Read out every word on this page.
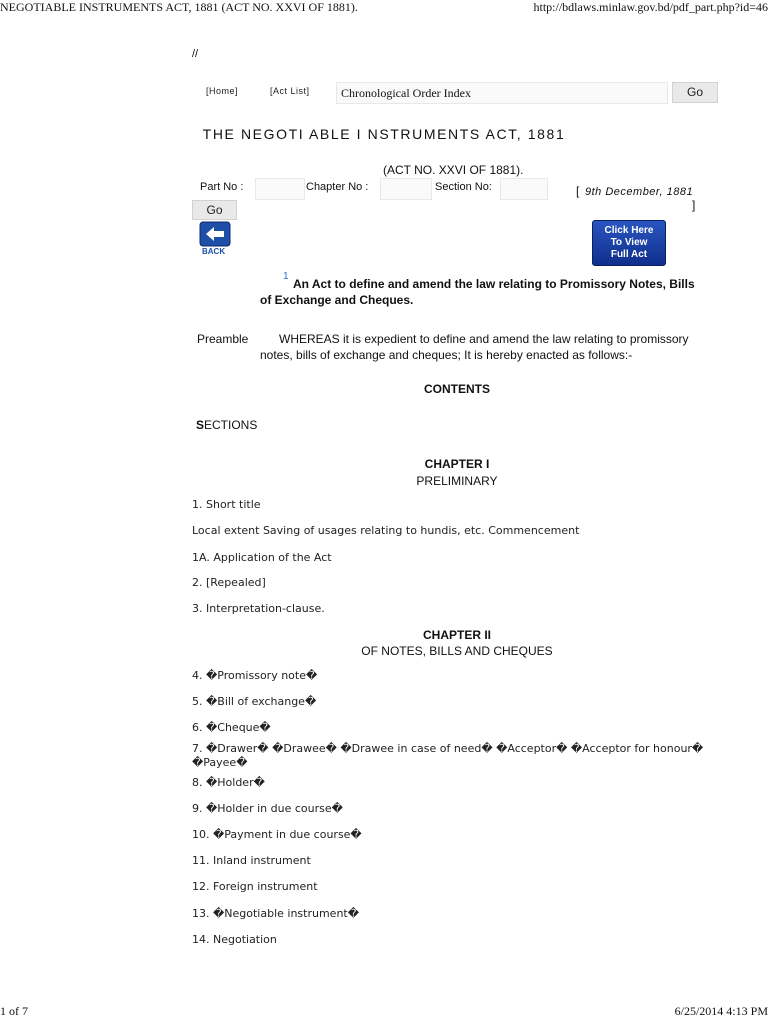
NEGOTIABLE INSTRUMENTS ACT, 1881 (ACT NO. XXVI OF 1881).	http://bdlaws.minlaw.gov.bd/pdf_part.php?id=46
//
[Home]	[Act List]	Chronological Order Index	Go
THE NEGOTI ABLE I NSTRUMENTS ACT, 1881
(ACT NO. XXVI OF 1881).
Part No :	Chapter No :	Section No:	[ 9th December, 1881
]
Go
BACK
Click Here
To View
Full Act
1
An Act to define and amend the law relating to Promissory Notes, Bills
of Exchange and Cheques.
Preamble	WHEREAS it is expedient to define and amend the law relating to promissory
notes, bills of exchange and cheques; It is hereby enacted as follows:-
CONTENTS
SECTIONS
CHAPTER I
PRELIMINARY
1. Short title
Local extent Saving of usages relating to hundis, etc. Commencement
1A. Application of the Act
2. [Repealed]
3. Interpretation-clause.
CHAPTER II
OF NOTES, BILLS AND CHEQUES
4. �Promissory note�
5. �Bill of exchange�
6. �Cheque�
7. �Drawer� �Drawee� �Drawee in case of need� �Acceptor� �Acceptor for honour�
�Payee�
8. �Holder�
9. �Holder in due course�
10. �Payment in due course�
11. Inland instrument
12. Foreign instrument
13. �Negotiable instrument�
14. Negotiation
1 of 7	6/25/2014 4:13 PM
